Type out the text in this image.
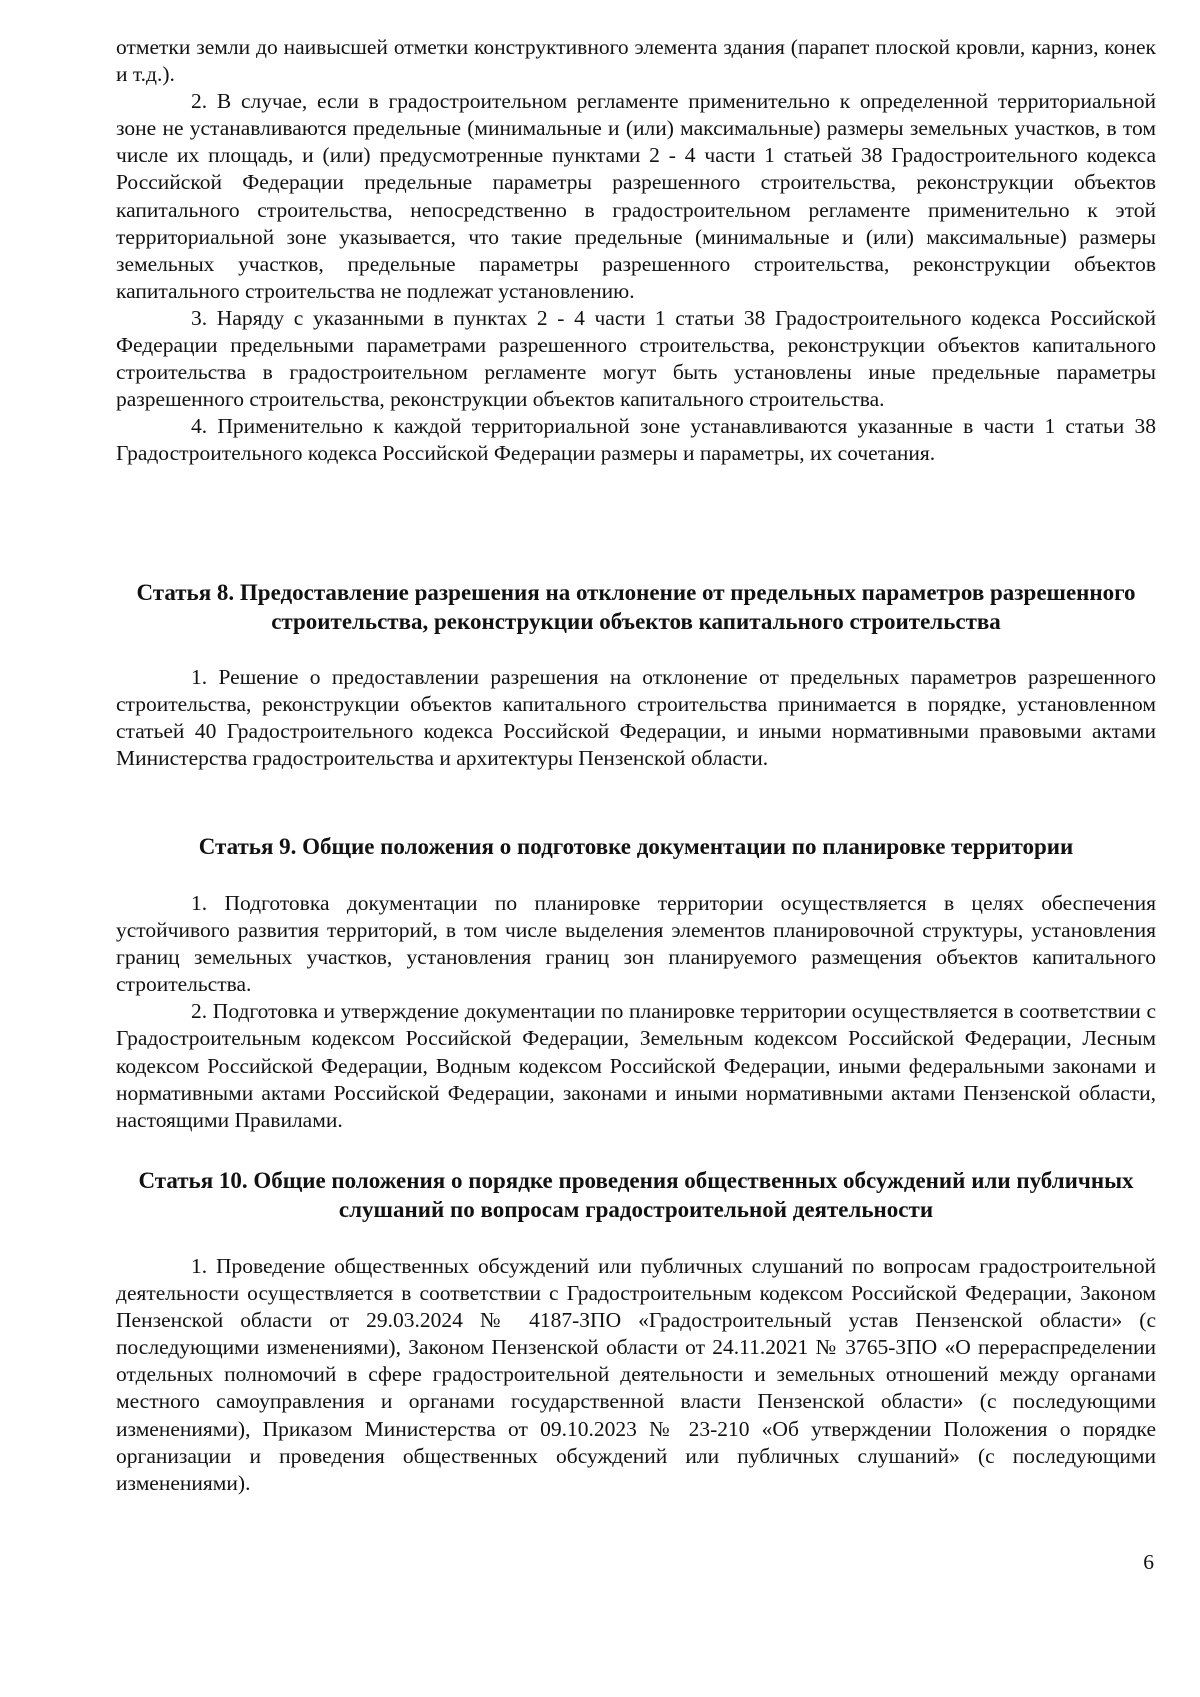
отметки земли до наивысшей отметки конструктивного элемента здания (парапет плоской кровли, карниз, конек и т.д.).

2. В случае, если в градостроительном регламенте применительно к определенной территориальной зоне не устанавливаются предельные (минимальные и (или) максимальные) размеры земельных участков, в том числе их площадь, и (или) предусмотренные пунктами 2 - 4 части 1 статьей 38 Градостроительного кодекса Российской Федерации предельные параметры разрешенного строительства, реконструкции объектов капитального строительства, непосредственно в градостроительном регламенте применительно к этой территориальной зоне указывается, что такие предельные (минимальные и (или) максимальные) размеры земельных участков, предельные параметры разрешенного строительства, реконструкции объектов капитального строительства не подлежат установлению.

3. Наряду с указанными в пунктах 2 - 4 части 1 статьи 38 Градостроительного кодекса Российской Федерации предельными параметрами разрешенного строительства, реконструкции объектов капитального строительства в градостроительном регламенте могут быть установлены иные предельные параметры разрешенного строительства, реконструкции объектов капитального строительства.

4. Применительно к каждой территориальной зоне устанавливаются указанные в части 1 статьи 38 Градостроительного кодекса Российской Федерации размеры и параметры, их сочетания.

Статья 8. Предоставление разрешения на отклонение от предельных параметров разрешенного строительства, реконструкции объектов капитального строительства

1. Решение о предоставлении разрешения на отклонение от предельных параметров разрешенного строительства, реконструкции объектов капитального строительства принимается в порядке, установленном статьей 40 Градостроительного кодекса Российской Федерации, и иными нормативными правовыми актами Министерства градостроительства и архитектуры Пензенской области.

Статья 9. Общие положения о подготовке документации по планировке территории

1. Подготовка документации по планировке территории осуществляется в целях обеспечения устойчивого развития территорий, в том числе выделения элементов планировочной структуры, установления границ земельных участков, установления границ зон планируемого размещения объектов капитального строительства.

2. Подготовка и утверждение документации по планировке территории осуществляется в соответствии с Градостроительным кодексом Российской Федерации, Земельным кодексом Российской Федерации, Лесным кодексом Российской Федерации, Водным кодексом Российской Федерации, иными федеральными законами и нормативными актами Российской Федерации, законами и иными нормативными актами Пензенской области, настоящими Правилами.

Статья 10. Общие положения о порядке проведения общественных обсуждений или публичных слушаний по вопросам градостроительной деятельности

1. Проведение общественных обсуждений или публичных слушаний по вопросам градостроительной деятельности осуществляется в соответствии с Градостроительным кодексом Российской Федерации, Законом Пензенской области от 29.03.2024 № 4187-ЗПО «Градостроительный устав Пензенской области» (с последующими изменениями), Законом Пензенской области от 24.11.2021 № 3765-ЗПО «О перераспределении отдельных полномочий в сфере градостроительной деятельности и земельных отношений между органами местного самоуправления и органами государственной власти Пензенской области» (с последующими изменениями), Приказом Министерства от 09.10.2023 № 23-210 «Об утверждении Положения о порядке организации и проведения общественных обсуждений или публичных слушаний» (с последующими изменениями).

6
